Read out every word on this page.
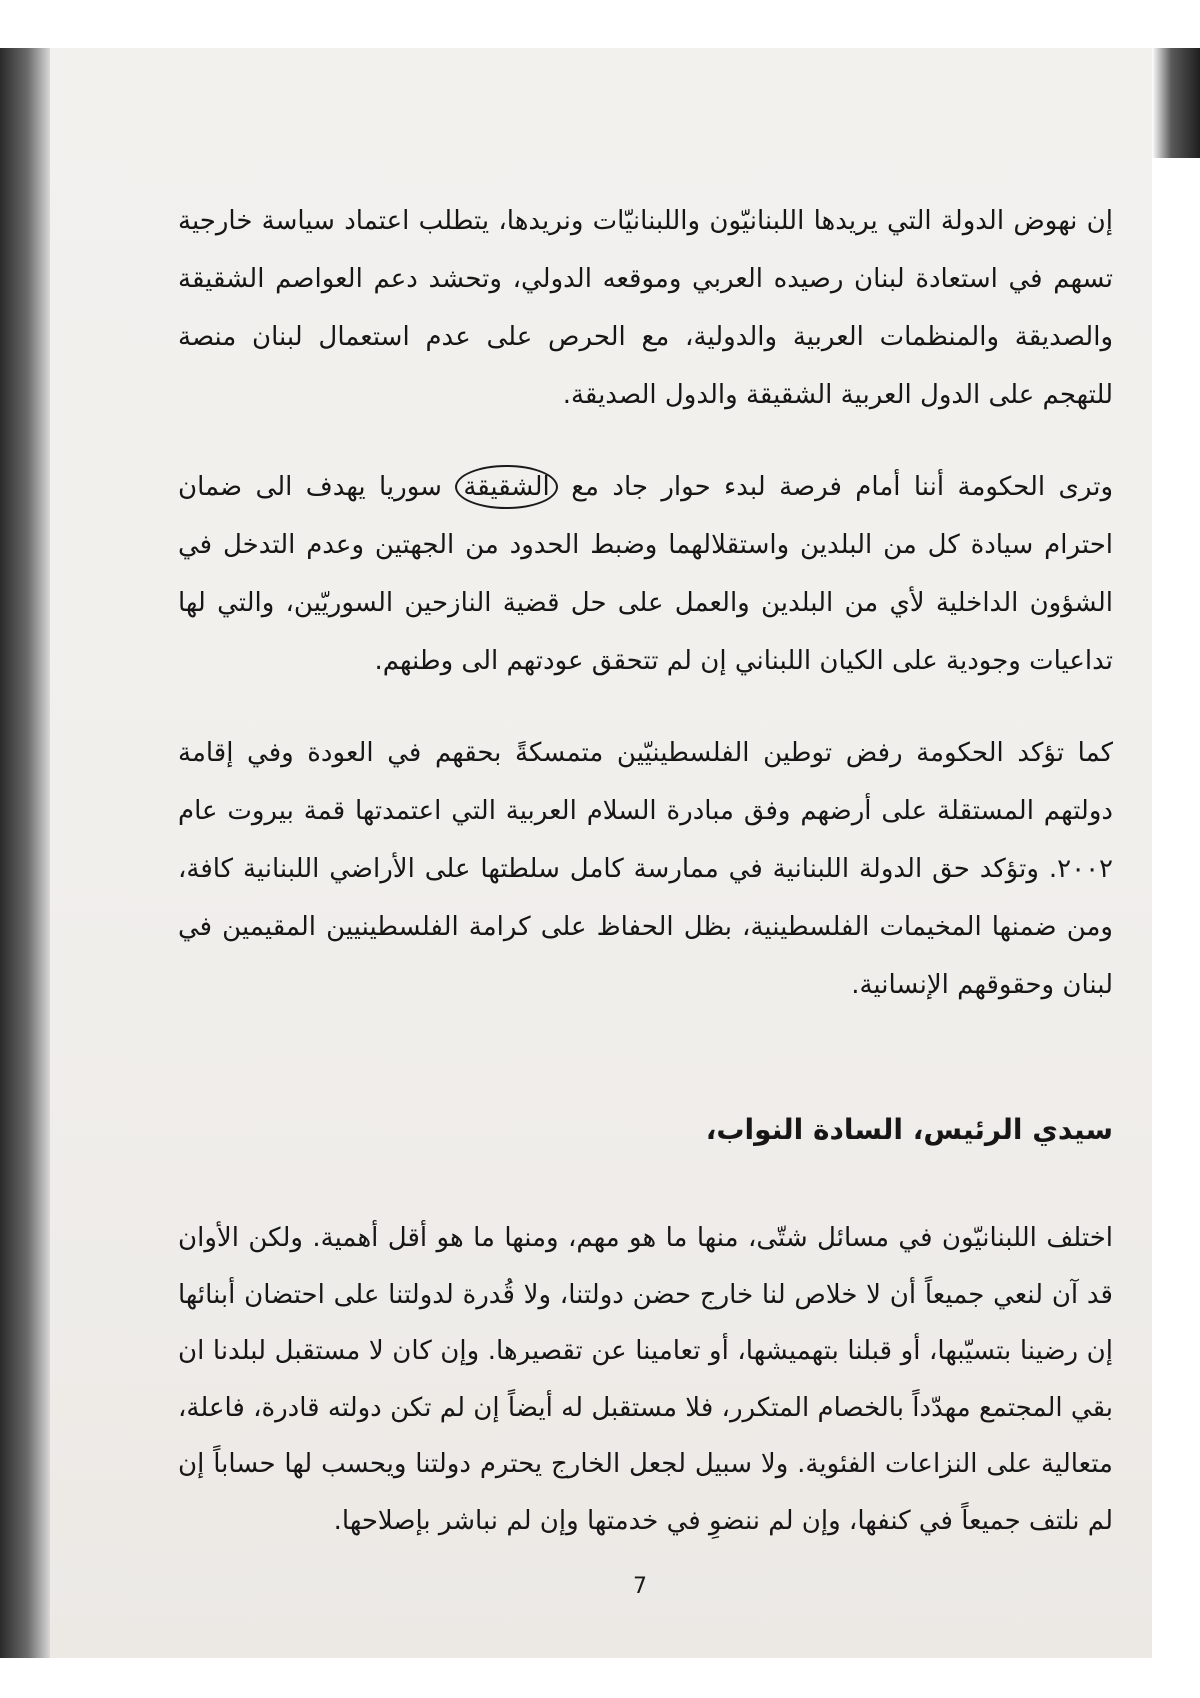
إن نهوض الدولة التي يريدها اللبنانيّون واللبنانيّات ونريدها، يتطلب اعتماد سياسة خارجية تسهم في استعادة لبنان رصيده العربي وموقعه الدولي، وتحشد دعم العواصم الشقيقة والصديقة والمنظمات العربية والدولية، مع الحرص على عدم استعمال لبنان منصة للتهجم على الدول العربية الشقيقة والدول الصديقة.

وترى الحكومة أننا أمام فرصة لبدء حوار جاد مع الشقيقة سوريا يهدف الى ضمان احترام سيادة كل من البلدين واستقلالهما وضبط الحدود من الجهتين وعدم التدخل في الشؤون الداخلية لأي من البلدين والعمل على حل قضية النازحين السوريّين، والتي لها تداعيات وجودية على الكيان اللبناني إن لم تتحقق عودتهم الى وطنهم.

كما تؤكد الحكومة رفض توطين الفلسطينيّين متمسكةً بحقهم في العودة وفي إقامة دولتهم المستقلة على أرضهم وفق مبادرة السلام العربية التي اعتمدتها قمة بيروت عام ٢٠٠٢. وتؤكد حق الدولة اللبنانية في ممارسة كامل سلطتها على الأراضي اللبنانية كافة، ومن ضمنها المخيمات الفلسطينية، بظل الحفاظ على كرامة الفلسطينيين المقيمين في لبنان وحقوقهم الإنسانية.

سيدي الرئيس، السادة النواب،

اختلف اللبنانيّون في مسائل شتّى، منها ما هو مهم، ومنها ما هو أقل أهمية. ولكن الأوان قد آن لنعي جميعاً أن لا خلاص لنا خارج حضن دولتنا، ولا قُدرة لدولتنا على احتضان أبنائها إن رضينا بتسيّبها، أو قبلنا بتهميشها، أو تعامينا عن تقصيرها. وإن كان لا مستقبل لبلدنا ان بقي المجتمع مهدّداً بالخصام المتكرر، فلا مستقبل له أيضاً إن لم تكن دولته قادرة، فاعلة، متعالية على النزاعات الفئوية. ولا سبيل لجعل الخارج يحترم دولتنا ويحسب لها حساباً إن لم نلتف جميعاً في كنفها، وإن لم ننضوِ في خدمتها وإن لم نباشر بإصلاحها.

7
